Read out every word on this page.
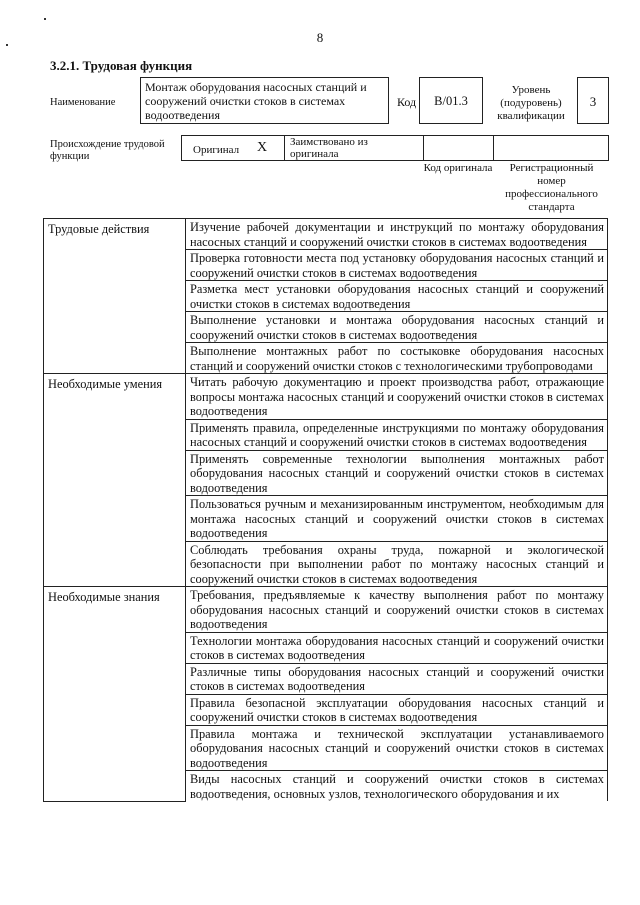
8
3.2.1. Трудовая функция
Наименование
Монтаж оборудования насосных станций и сооружений очистки стоков в системах водоотведения
Код	В/01.3
Уровень (подуровень) квалификации
3
Происхождение трудовой функции
Оригинал X Заимствовано из оригинала
Код оригинала	Регистрационный номер профессионального стандарта
Трудовые действия	Изучение рабочей документации и инструкций по монтажу оборудования насосных станций и сооружений очистки стоков в системах водоотведения
	Проверка готовности места под установку оборудования насосных станций и сооружений очистки стоков в системах водоотведения
	Разметка мест установки оборудования насосных станций и сооружений очистки стоков в системах водоотведения
	Выполнение установки и монтажа оборудования насосных станций и сооружений очистки стоков в системах водоотведения
	Выполнение монтажных работ по состыковке оборудования насосных станций и сооружений очистки стоков с технологическими трубопроводами
Необходимые умения	Читать рабочую документацию и проект производства работ, отражающие вопросы монтажа насосных станций и сооружений очистки стоков в системах водоотведения
	Применять правила, определенные инструкциями по монтажу оборудования насосных станций и сооружений очистки стоков в системах водоотведения
	Применять современные технологии выполнения монтажных работ оборудования насосных станций и сооружений очистки стоков в системах водоотведения
	Пользоваться ручным и механизированным инструментом, необходимым для монтажа насосных станций и сооружений очистки стоков в системах водоотведения
	Соблюдать требования охраны труда, пожарной и экологической безопасности при выполнении работ по монтажу насосных станций и сооружений очистки стоков в системах водоотведения
Необходимые знания	Требования, предъявляемые к качеству выполнения работ по монтажу оборудования насосных станций и сооружений очистки стоков в системах водоотведения
	Технологии монтажа оборудования насосных станций и сооружений очистки стоков в системах водоотведения
	Различные типы оборудования насосных станций и сооружений очистки стоков в системах водоотведения
	Правила безопасной эксплуатации оборудования насосных станций и сооружений очистки стоков в системах водоотведения
	Правила монтажа и технической эксплуатации устанавливаемого оборудования насосных станций и сооружений очистки стоков в системах водоотведения
	Виды насосных станций и сооружений очистки стоков в системах водоотведения, основных узлов, технологического оборудования и их
